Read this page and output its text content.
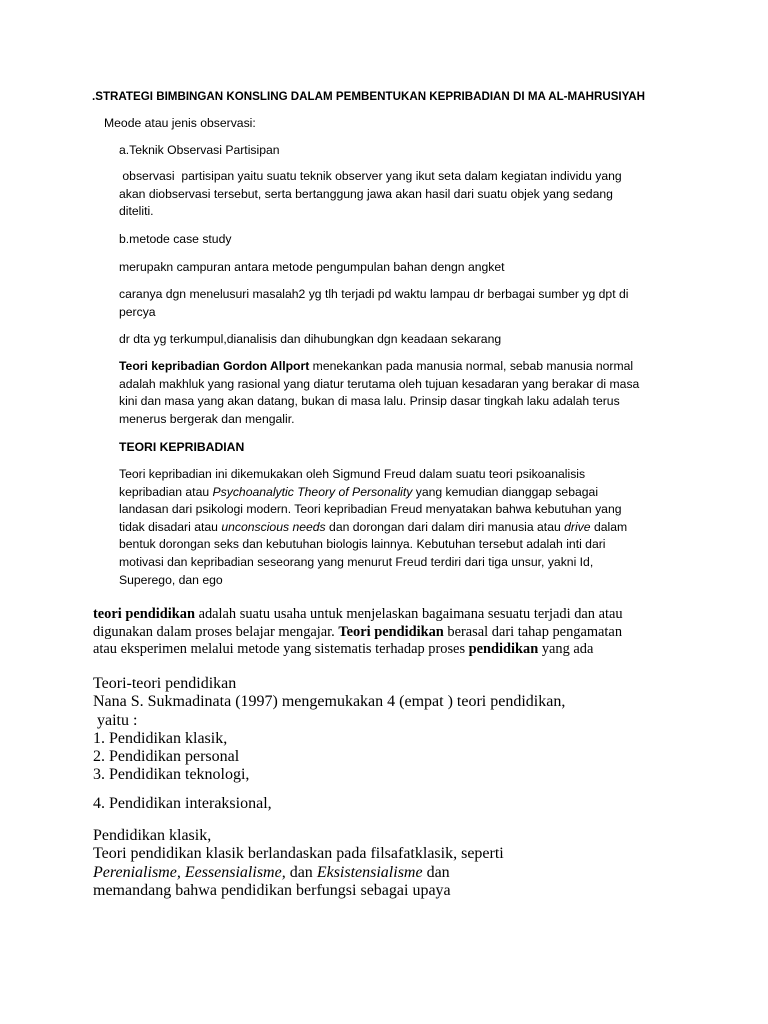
.STRATEGI BIMBINGAN KONSLING DALAM PEMBENTUKAN KEPRIBADIAN DI MA AL-MAHRUSIYAH

Meode atau jenis observasi:

a.Teknik Observasi Partisipan

observasi  partisipan yaitu suatu teknik observer yang ikut seta dalam kegiatan individu yang
akan diobservasi tersebut, serta bertanggung jawa akan hasil dari suatu objek yang sedang
diteliti.

b.metode case study

merupakn campuran antara metode pengumpulan bahan dengn angket

caranya dgn menelusuri masalah2 yg tlh terjadi pd waktu lampau dr berbagai sumber yg dpt di
percya

dr dta yg terkumpul,dianalisis dan dihubungkan dgn keadaan sekarang

Teori kepribadian Gordon Allport menekankan pada manusia normal, sebab manusia normal
adalah makhluk yang rasional yang diatur terutama oleh tujuan kesadaran yang berakar di masa
kini dan masa yang akan datang, bukan di masa lalu. Prinsip dasar tingkah laku adalah terus
menerus bergerak dan mengalir.

TEORI KEPRIBADIAN

Teori kepribadian ini dikemukakan oleh Sigmund Freud dalam suatu teori psikoanalisis
kepribadian atau Psychoanalytic Theory of Personality yang kemudian dianggap sebagai
landasan dari psikologi modern. Teori kepribadian Freud menyatakan bahwa kebutuhan yang
tidak disadari atau unconscious needs dan dorongan dari dalam diri manusia atau drive dalam
bentuk dorongan seks dan kebutuhan biologis lainnya. Kebutuhan tersebut adalah inti dari
motivasi dan kepribadian seseorang yang menurut Freud terdiri dari tiga unsur, yakni Id,
Superego, dan ego
teori pendidikan adalah suatu usaha untuk menjelaskan bagaimana sesuatu terjadi dan atau
digunakan dalam proses belajar mengajar. Teori pendidikan berasal dari tahap pengamatan
atau eksperimen melalui metode yang sistematis terhadap proses pendidikan yang ada
Teori-teori pendidikan
Nana S. Sukmadinata (1997) mengemukakan 4 (empat ) teori pendidikan,
yaitu :
1. Pendidikan klasik,
2. Pendidikan personal
3. Pendidikan teknologi,
4. Pendidikan interaksional,
Pendidikan klasik,
Teori pendidikan klasik berlandaskan pada filsafatklasik, seperti
Perenialisme, Eessensialisme, dan Eksistensialisme dan
memandang bahwa pendidikan berfungsi sebagai upaya
